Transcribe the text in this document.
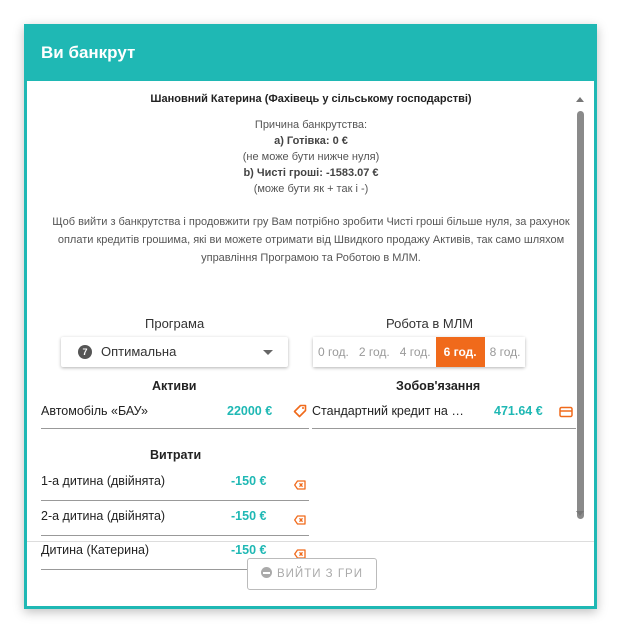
Ви банкрут
Шановний Катерина (Фахівець у сільському господарстві)
Причина банкрутства:
а) Готівка: 0 €
(не може бути нижче нуля)
b) Чисті гроші: -1583.07 €
(може бути як + так і -)
Щоб вийти з банкрутства і продовжити гру Вам потрібно зробити Чисті гроші більше нуля, за рахунок оплати кредитів грошима, які ви можете отримати від Швидкого продажу Активів, так само шляхом управління Програмою та Роботою в МЛМ.
Програма	Робота в МЛМ
7	Оптимальна	0 год. 2 год. 4 год.	6 год.	8 год.
Активи	Зобов'язання
Автомобіль «БАУ»	22000 €	Стандартний кредит на …	471.64 €
Витрати
1-а дитина (двійнята)	-150 €
2-а дитина (двійнята)	-150 €
Дитина (Катерина)	-150 €
ВИЙТИ З ГРИ
